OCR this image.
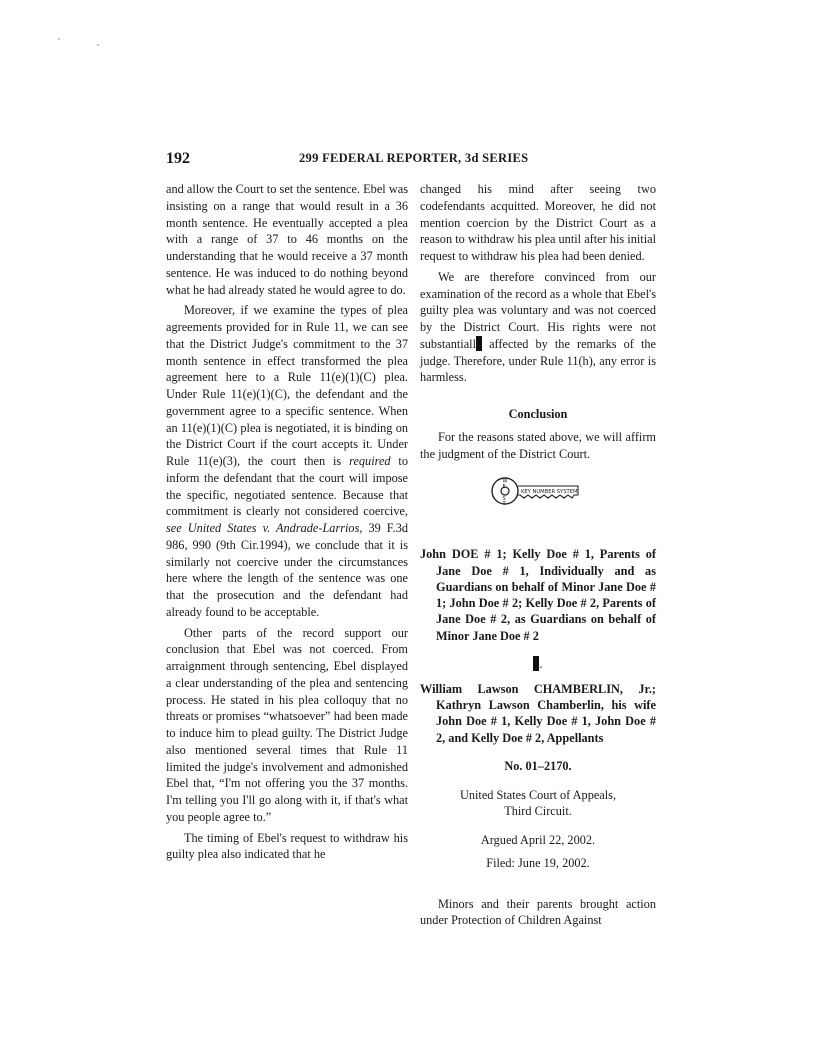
192	299 FEDERAL REPORTER, 3d SERIES

and allow the Court to set the sentence. Ebel was insisting on a range that would result in a 36 month sentence. He eventually accepted a plea with a range of 37 to 46 months on the understanding that he would receive a 37 month sentence. He was induced to do nothing beyond what he had already stated he would agree to do.

Moreover, if we examine the types of plea agreements provided for in Rule 11, we can see that the District Judge's commitment to the 37 month sentence in effect transformed the plea agreement here to a Rule 11(e)(1)(C) plea. Under Rule 11(e)(1)(C), the defendant and the government agree to a specific sentence. When an 11(e)(1)(C) plea is negotiated, it is binding on the District Court if the court accepts it. Under Rule 11(e)(3), the court then is required to inform the defendant that the court will impose the specific, negotiated sentence. Because that commitment is clearly not considered coercive, see United States v. Andrade-Larrios, 39 F.3d 986, 990 (9th Cir.1994), we conclude that it is similarly not coercive under the circumstances here where the length of the sentence was one that the prosecution and the defendant had already found to be acceptable.

Other parts of the record support our conclusion that Ebel was not coerced. From arraignment through sentencing, Ebel displayed a clear understanding of the plea and sentencing process. He stated in his plea colloquy that no threats or promises “whatsoever” had been made to induce him to plead guilty. The District Judge also mentioned several times that Rule 11 limited the judge's involvement and admonished Ebel that, “I'm not offering you the 37 months. I'm telling you I'll go along with it, if that's what you people agree to.”

The timing of Ebel's request to withdraw his guilty plea also indicated that he

changed his mind after seeing two codefendants acquitted. Moreover, he did not mention coercion by the District Court as a reason to withdraw his plea until after his initial request to withdraw his plea had been denied.

We are therefore convinced from our examination of the record as a whole that Ebel's guilty plea was voluntary and was not coerced by the District Court. His rights were not substantiall affected by the remarks of the judge. Therefore, under Rule 11(h), any error is harmless.

Conclusion

For the reasons stated above, we will affirm the judgment of the District Court.

W
E
S
T
KEY NUMBER SYSTEM
John DOE # 1; Kelly Doe # 1, Parents of Jane Doe # 1, Individually and as Guardians on behalf of Minor Jane Doe # 1; John Doe # 2; Kelly Doe # 2, Parents of Jane Doe # 2, as Guardians on behalf of Minor Jane Doe # 2
.
William Lawson CHAMBERLIN, Jr.; Kathryn Lawson Chamberlin, his wife John Doe # 1, Kelly Doe # 1, John Doe # 2, and Kelly Doe # 2, Appellants
No. 01–2170.
United States Court of Appeals,
Third Circuit.
Argued April 22, 2002.
Filed: June 19, 2002.

Minors and their parents brought action under Protection of Children Against
